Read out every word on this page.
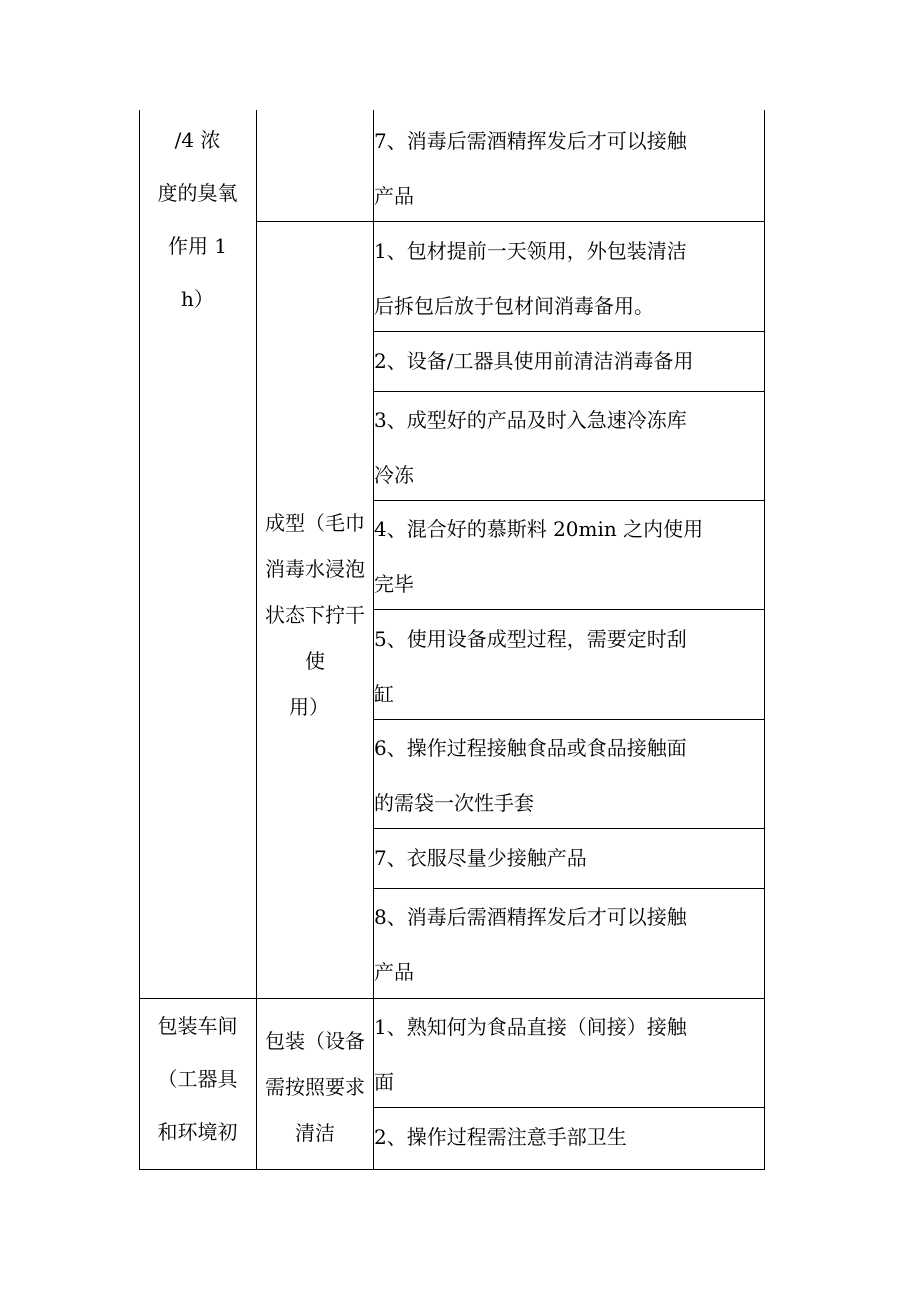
/4 浓
度的臭氧
作用 1
h）
包装车间
（工器具
和环境初
成型（毛巾
消毒水浸泡
状态下拧干
使
用）
包装（设备
需按照要求
清洁
7、消毒后需酒精挥发后才可以接触
产品
1、包材提前一天领用，外包装清洁
后拆包后放于包材间消毒备用。
2、设备/工器具使用前清洁消毒备用
3、成型好的产品及时入急速冷冻库
冷冻
4、混合好的慕斯料 20min 之内使用
完毕
5、使用设备成型过程，需要定时刮
缸
6、操作过程接触食品或食品接触面
的需袋一次性手套
7、衣服尽量少接触产品
8、消毒后需酒精挥发后才可以接触
产品
1、熟知何为食品直接（间接）接触
面
2、操作过程需注意手部卫生
